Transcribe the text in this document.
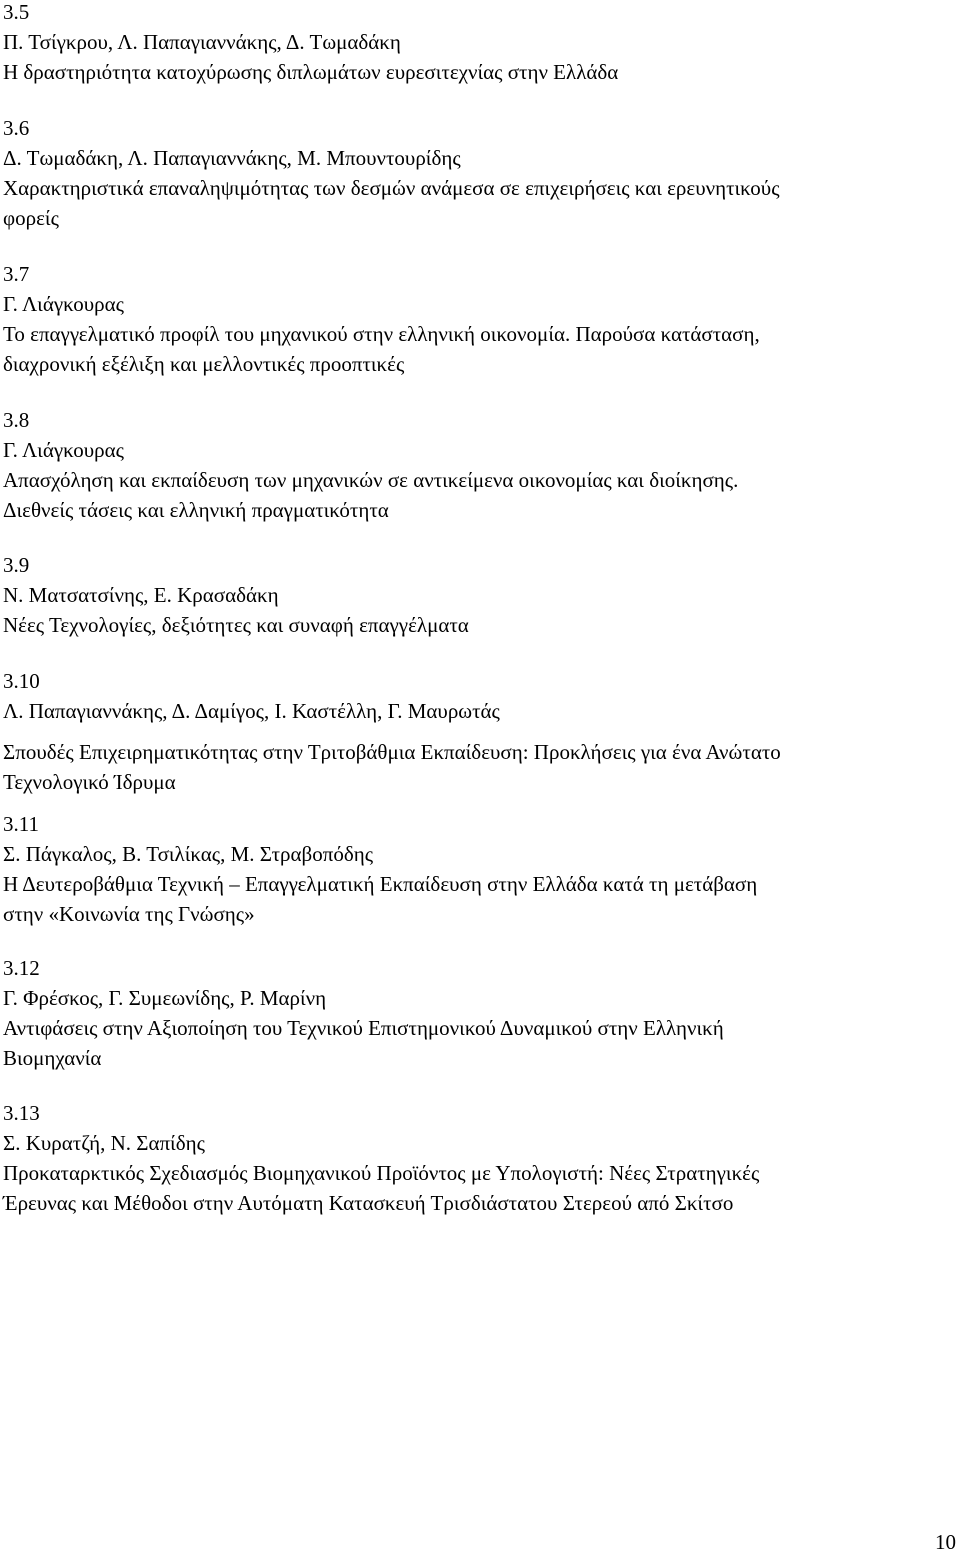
3.5
Π. Τσίγκρου, Λ. Παπαγιαννάκης, Δ. Τωμαδάκη
Η δραστηριότητα κατοχύρωσης διπλωμάτων ευρεσιτεχνίας στην Ελλάδα
3.6
Δ. Τωμαδάκη, Λ. Παπαγιαννάκης, Μ. Μπουντουρίδης
Χαρακτηριστικά επαναληψιμότητας των δεσμών ανάμεσα σε επιχειρήσεις και ερευνητικούς
φορείς
3.7
Γ. Λιάγκουρας
Το επαγγελματικό προφίλ του μηχανικού στην ελληνική οικονομία. Παρούσα κατάσταση,
διαχρονική εξέλιξη και μελλοντικές προοπτικές
3.8
Γ. Λιάγκουρας
Απασχόληση και εκπαίδευση των μηχανικών σε αντικείμενα οικονομίας και διοίκησης.
Διεθνείς τάσεις και ελληνική πραγματικότητα
3.9
Ν. Ματσατσίνης, Ε. Κρασαδάκη
Νέες Τεχνολογίες, δεξιότητες και συναφή επαγγέλματα
3.10
Λ. Παπαγιαννάκης, Δ. Δαμίγος, Ι. Καστέλλη, Γ. Μαυρωτάς
Σπουδές Επιχειρηματικότητας στην Τριτοβάθμια Εκπαίδευση: Προκλήσεις για ένα Ανώτατο
Τεχνολογικό Ίδρυμα
3.11
Σ. Πάγκαλος, Β. Τσιλίκας, Μ. Στραβοπόδης
Η Δευτεροβάθμια Τεχνική – Επαγγελματική Εκπαίδευση στην Ελλάδα κατά τη μετάβαση
στην «Κοινωνία της Γνώσης»
3.12
Γ. Φρέσκος, Γ. Συμεωνίδης, Ρ. Μαρίνη
Αντιφάσεις στην Αξιοποίηση του Τεχνικού Επιστημονικού Δυναμικού στην Ελληνική
Βιομηχανία
3.13
Σ. Κυρατζή, Ν. Σαπίδης
Προκαταρκτικός Σχεδιασμός Βιομηχανικού Προϊόντος με Υπολογιστή: Νέες Στρατηγικές
Έρευνας και Μέθοδοι στην Αυτόματη Κατασκευή Τρισδιάστατου Στερεού από Σκίτσο
10
